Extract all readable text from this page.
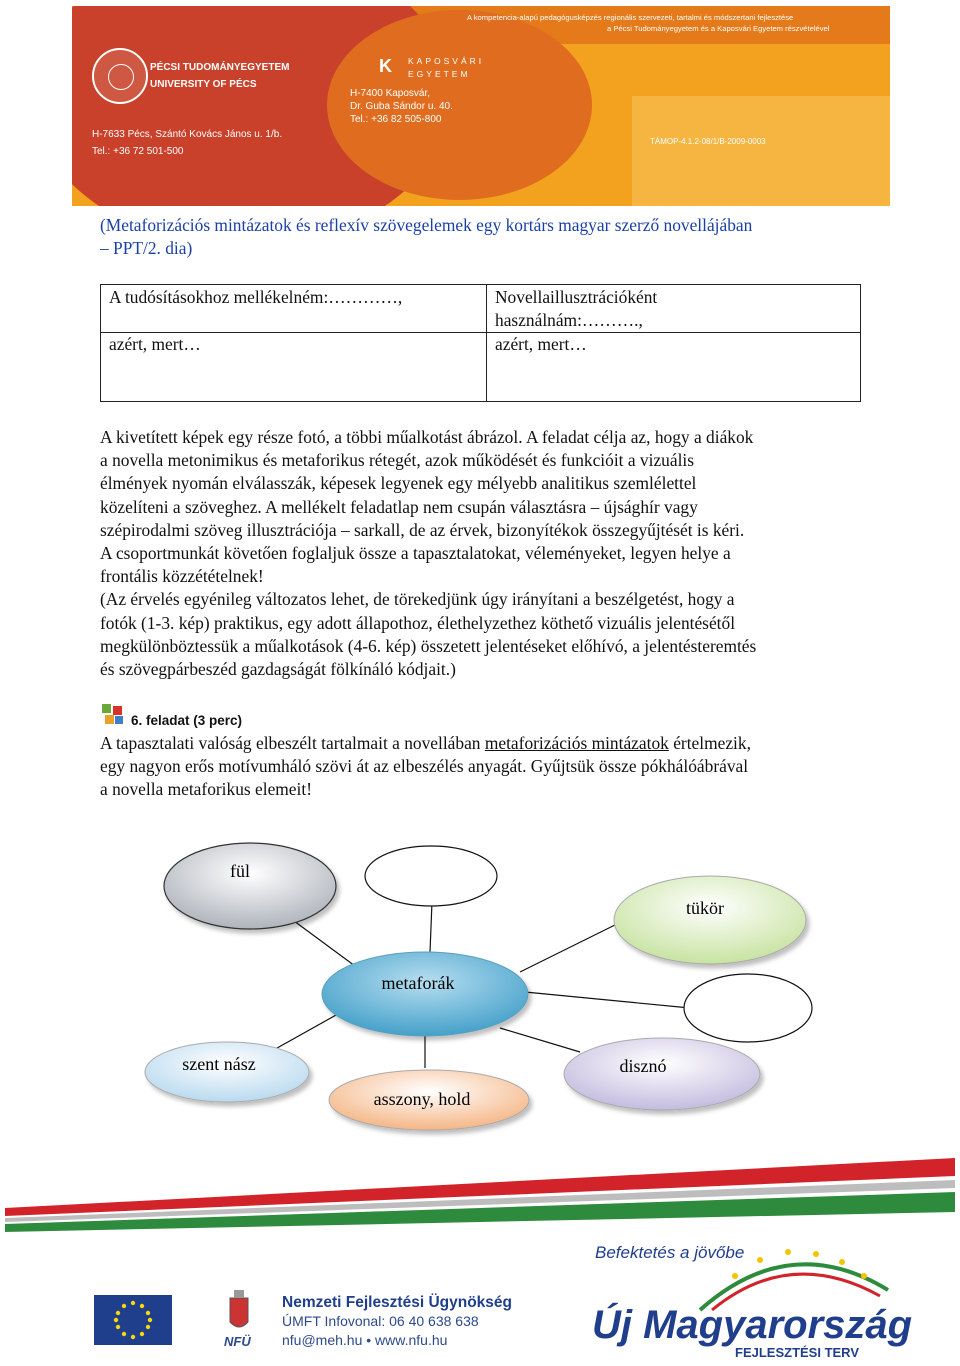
A kompetencia-alapú pedagógusképzés regionális szervezeti, tartalmi és módszertani fejlesztése
a Pécsi Tudományegyetem és a Kaposvári Egyetem részvételével
PÉCSI TUDOMÁNYEGYETEM
UNIVERSITY OF PÉCS
H-7633 Pécs, Szántó Kovács János u. 1/b.
Tel.: +36 72 501-500
K	KAPOSVÁRI
EGYETEM
H-7400 Kaposvár,
Dr. Guba Sándor u. 40.
Tel.: +36 82 505-800
TÁMOP-4.1.2-08/1/B-2009-0003
(Metaforizációs mintázatok és reflexív szövegelemek egy kortárs magyar szerző novellájában
– PPT/2. dia)
A tudósításokhoz mellékelném:…………,	Novellaillusztrációként
használnám:……….,

azért, mert…	azért, mert…
A kivetített képek egy része fotó, a többi műalkotást ábrázol. A feladat célja az, hogy a diákok
a novella metonimikus és metaforikus rétegét, azok működését és funkcióit a vizuális
élmények nyomán elválasszák, képesek legyenek egy mélyebb analitikus szemlélettel
közelíteni a szöveghez. A mellékelt feladatlap nem csupán választásra – újsághír vagy
szépirodalmi szöveg illusztrációja – sarkall, de az érvek, bizonyítékok összegyűjtését is kéri.
A csoportmunkát követően foglaljuk össze a tapasztalatokat, véleményeket, legyen helye a
frontális közzétételnek!
(Az érvelés egyénileg változatos lehet, de törekedjünk úgy irányítani a beszélgetést, hogy a
fotók (1-3. kép) praktikus, egy adott állapothoz, élethelyzethez köthető vizuális jelentésétől
megkülönböztessük a műalkotások (4-6. kép) összetett jelentéseket előhívó, a jelentésteremtés
és szövegpárbeszéd gazdagságát fölkínáló kódjait.)
6. feladat (3 perc)
A tapasztalati valóság elbeszélt tartalmait a novellában metaforizációs mintázatok értelmezik,
egy nagyon erős motívumháló szövi át az elbeszélés anyagát. Gyűjtsük össze pókhálóábrával
a novella metaforikus elemeit!
fül
tükör
metaforák
szent nász
asszony, hold
disznó
NFÜ
Nemzeti Fejlesztési Ügynökség
ÚMFT Infovonal: 06 40 638 638
nfu@meh.hu • www.nfu.hu
Befektetés a jövőbe
Új Magyarország
FEJLESZTÉSI TERV
